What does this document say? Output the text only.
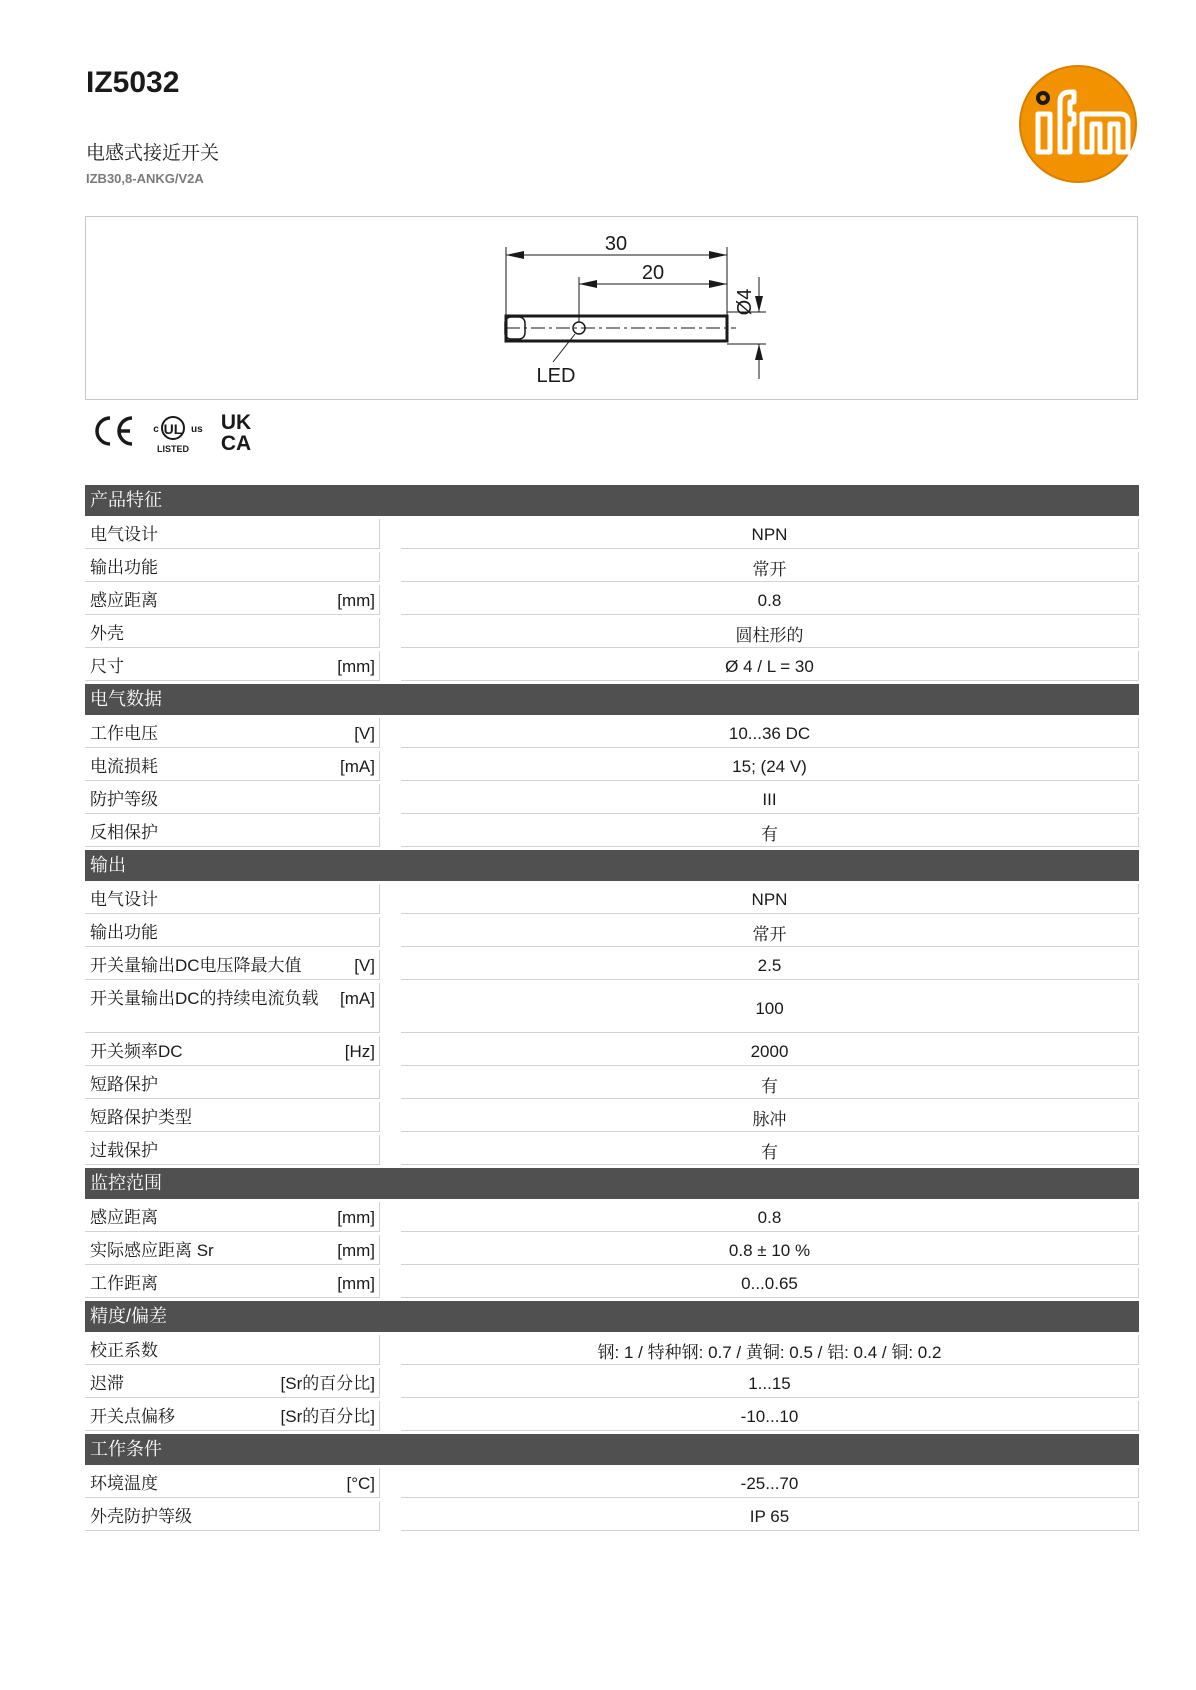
IZ5032
电感式接近开关
IZB30,8-ANKG/V2A
30
20
Ø4
LED
UL
c	us
LISTED
UK
CA
产品特征
电气设计	NPN
输出功能	常开
感应距离	[mm]	0.8
外壳	圆柱形的
尺寸	[mm]	Ø 4 / L = 30
电气数据
工作电压	[V]	10...36 DC
电流损耗	[mA]	15; (24 V)
防护等级	III
反相保护	有
输出
电气设计	NPN
输出功能	常开
开关量输出DC电压降最大值	[V]	2.5
开关量输出DC的持续电流负载	[mA]	100
开关频率DC	[Hz]	2000
短路保护	有
短路保护类型	脉冲
过载保护	有
监控范围
感应距离	[mm]	0.8
实际感应距离 Sr	[mm]	0.8 ± 10 %
工作距离	[mm]	0...0.65
精度/偏差
校正系数	钢: 1 / 特种钢: 0.7 / 黄铜: 0.5 / 铝: 0.4 / 铜: 0.2
迟滞	[Sr的百分比]	1...15
开关点偏移	[Sr的百分比]	-10...10
工作条件
环境温度	[°C]	-25...70
外壳防护等级	IP 65
